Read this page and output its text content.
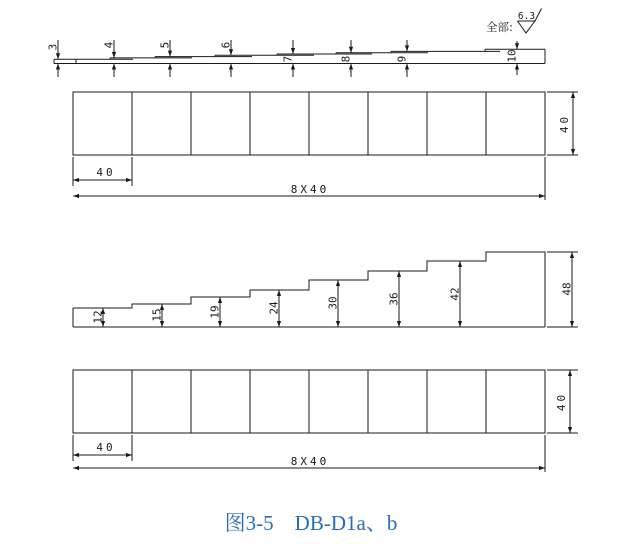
3	4	5	6
7	8	9	10
全部:
6.3
40
8X40
40
12	15	19	24	30	36	42	48
40
8X40
40
图3-5　DB-D1a、b
